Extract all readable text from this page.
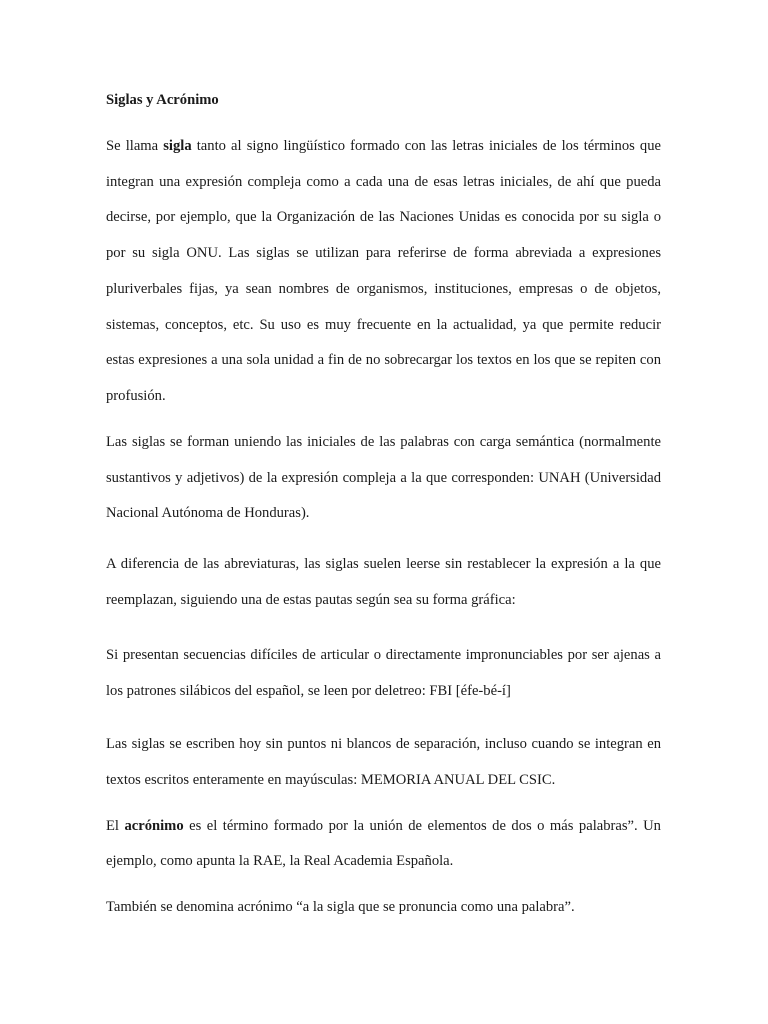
Siglas y Acrónimo

Se llama sigla tanto al signo lingüístico formado con las letras iniciales de los términos que integran una expresión compleja como a cada una de esas letras iniciales, de ahí que pueda decirse, por ejemplo, que la Organización de las Naciones Unidas es conocida por su sigla o por su sigla ONU. Las siglas se utilizan para referirse de forma abreviada a expresiones pluriverbales fijas, ya sean nombres de organismos, instituciones, empresas o de objetos, sistemas, conceptos, etc. Su uso es muy frecuente en la actualidad, ya que permite reducir estas expresiones a una sola unidad a fin de no sobrecargar los textos en los que se repiten con profusión.

Las siglas se forman uniendo las iniciales de las palabras con carga semántica (normalmente sustantivos y adjetivos) de la expresión compleja a la que corresponden: UNAH (Universidad Nacional Autónoma de Honduras).

A diferencia de las abreviaturas, las siglas suelen leerse sin restablecer la expresión a la que reemplazan, siguiendo una de estas pautas según sea su forma gráfica:

Si presentan secuencias difíciles de articular o directamente impronunciables por ser ajenas a los patrones silábicos del español, se leen por deletreo: FBI [éfe-bé-í]

Las siglas se escriben hoy sin puntos ni blancos de separación, incluso cuando se integran en textos escritos enteramente en mayúsculas: MEMORIA ANUAL DEL CSIC.

El acrónimo es el término formado por la unión de elementos de dos o más palabras”. Un ejemplo, como apunta la RAE, la Real Academia Española.

También se denomina acrónimo “a la sigla que se pronuncia como una palabra”.
